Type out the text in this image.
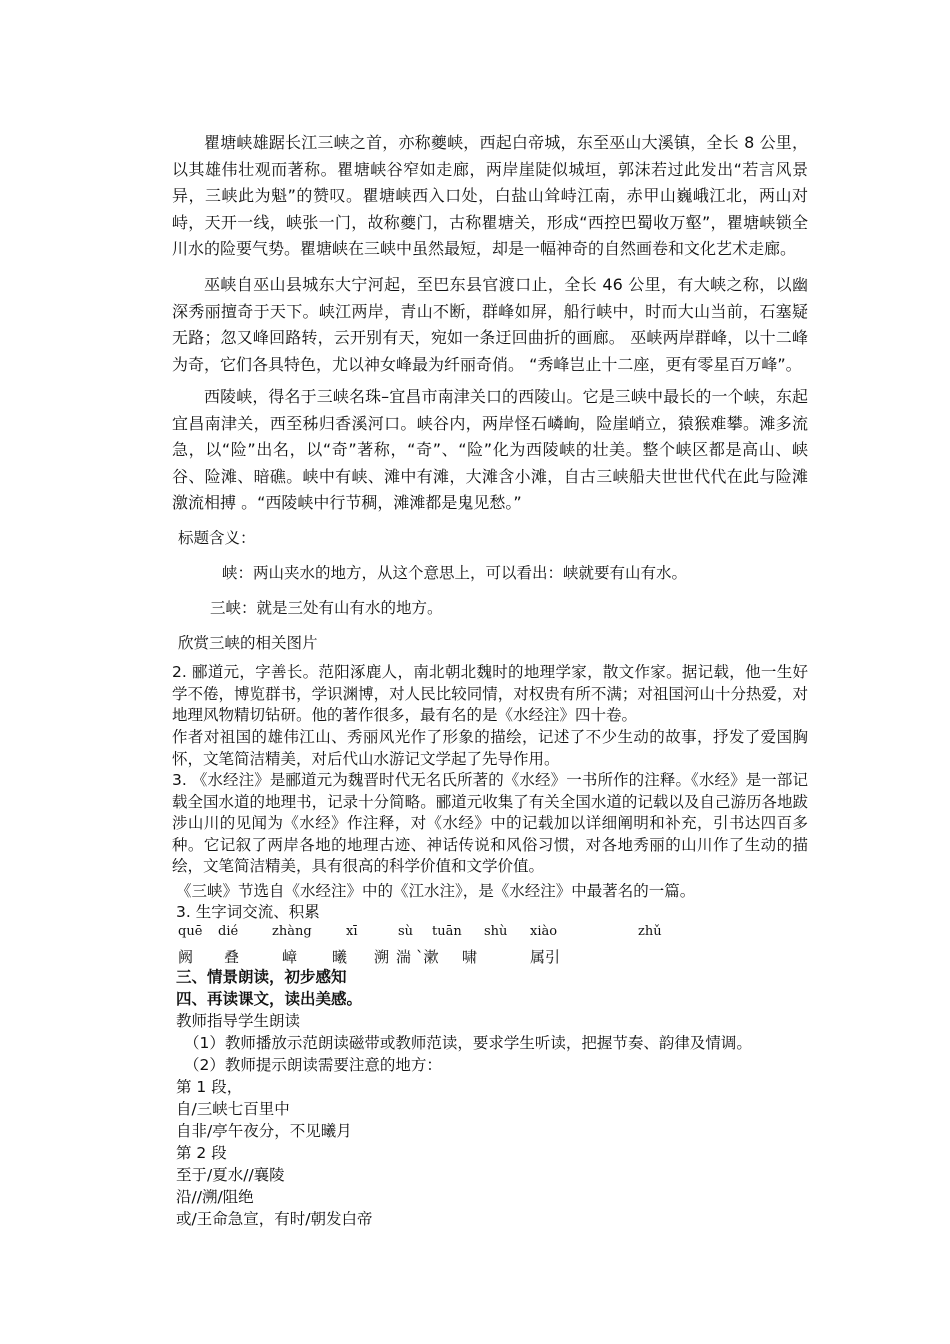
瞿塘峡雄踞长江三峡之首，亦称夔峡，西起白帝城，东至巫山大溪镇，全长 8 公里，以其雄伟壮观而著称。瞿塘峡谷窄如走廊，两岸崖陡似城垣，郭沫若过此发出“若言风景异，三峡此为魁”的赞叹。瞿塘峡西入口处，白盐山耸峙江南，赤甲山巍峨江北，两山对峙，天开一线，峡张一门，故称夔门，古称瞿塘关，形成“西控巴蜀收万壑”，瞿塘峡锁全川水的险要气势。瞿塘峡在三峡中虽然最短，却是一幅神奇的自然画卷和文化艺术走廊。

巫峡自巫山县城东大宁河起，至巴东县官渡口止，全长 46 公里，有大峡之称，以幽深秀丽擅奇于天下。峡江两岸，青山不断，群峰如屏，船行峡中，时而大山当前，石塞疑无路；忽又峰回路转，云开别有天，宛如一条迂回曲折的画廊。 巫峡两岸群峰，以十二峰为奇，它们各具特色，尤以神女峰最为纤丽奇俏。 “秀峰岂止十二座，更有零星百万峰”。

西陵峡，得名于三峡名珠–宜昌市南津关口的西陵山。它是三峡中最长的一个峡，东起宜昌南津关，西至秭归香溪河口。峡谷内，两岸怪石嶙峋，险崖峭立，猿猴难攀。滩多流急，以“险”出名，以“奇”著称，“奇”、“险”化为西陵峡的壮美。整个峡区都是高山、峡谷、险滩、暗礁。峡中有峡、滩中有滩，大滩含小滩，自古三峡船夫世世代代在此与险滩激流相搏 。“西陵峡中行节稠，滩滩都是鬼见愁。”

标题含义：
峡：两山夹水的地方，从这个意思上，可以看出：峡就要有山有水。
三峡：就是三处有山有水的地方。
欣赏三峡的相关图片

2. 郦道元，字善长。范阳涿鹿人，南北朝北魏时的地理学家，散文作家。据记载，他一生好学不倦，博览群书，学识渊博，对人民比较同情，对权贵有所不满；对祖国河山十分热爱，对地理风物精切钻研。他的著作很多，最有名的是《水经注》四十卷。

作者对祖国的雄伟江山、秀丽风光作了形象的描绘，记述了不少生动的故事，抒发了爱国胸怀，文笔简洁精美，对后代山水游记文学起了先导作用。

3. 《水经注》是郦道元为魏晋时代无名氏所著的《水经》一书所作的注释。《水经》是一部记载全国水道的地理书，记录十分简略。郦道元收集了有关全国水道的记载以及自己游历各地跋涉山川的见闻为《水经》作注释，对《水经》中的记载加以详细阐明和补充，引书达四百多种。它记叙了两岸各地的地理古迹、神话传说和风俗习惯，对各地秀丽的山川作了生动的描绘，文笔简洁精美，具有很高的科学价值和文学价值。

《三峡》节选自《水经注》中的《江水注》，是《水经注》中最著名的一篇。
3. 生字词交流、积累
quē dié	zhàng	xī	sù tuān shù xiào	zhǔ
阙 叠	嶂 曦 溯 湍 `漱 啸	属引
三、情景朗读，初步感知
四、再读课文，读出美感。
教师指导学生朗读
（1）教师播放示范朗读磁带或教师范读，要求学生听读，把握节奏、韵律及情调。
（2）教师提示朗读需要注意的地方：
第 1 段，
自/三峡七百里中
自非/亭午夜分，不见曦月
第 2 段
至于/夏水//襄陵
沿//溯/阻绝
或/王命急宣，有时/朝发白帝
